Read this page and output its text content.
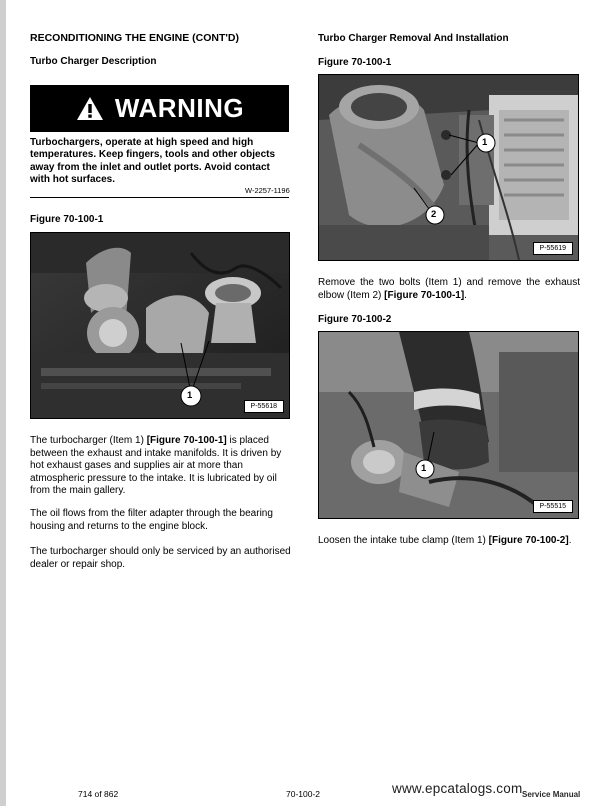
RECONDITIONING THE ENGINE (CONT'D)
Turbo Charger Description
WARNING
Turbochargers, operate at high speed and high temperatures. Keep fingers, tools and other objects away from the inlet and outlet ports. Avoid contact with hot surfaces.
W-2257-1196
Figure 70-100-1
1
P-55618
The turbocharger (Item 1) [Figure 70-100-1] is placed between the exhaust and intake manifolds. It is driven by hot exhaust gases and supplies air at more than atmospheric pressure to the intake. It is lubricated by oil from the main gallery.
The oil flows from the filter adapter through the bearing housing and returns to the engine block.
The turbocharger should only be serviced by an authorised dealer or repair shop.
Turbo Charger Removal And Installation
Figure 70-100-1
1
2
P-55619
Remove the two bolts (Item 1) and remove the exhaust elbow (Item 2) [Figure 70-100-1].
Figure 70-100-2
1
P-55515
Loosen the intake tube clamp (Item 1) [Figure 70-100-2].
714 of 862	70-100-2	www.epcatalogs.com Service Manual
